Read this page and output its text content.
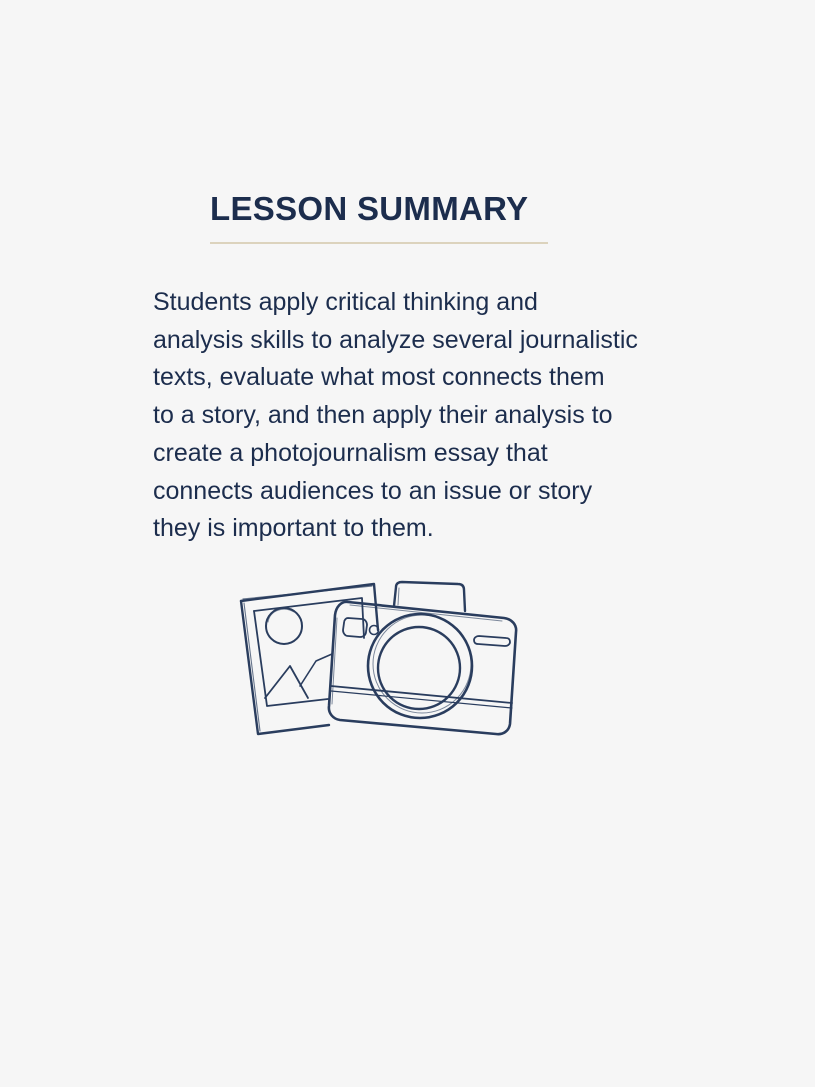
LESSON SUMMARY

Students apply critical thinking and
analysis skills to analyze several journalistic
texts, evaluate what most connects them
to a story, and then apply their analysis to
create a photojournalism essay that
connects audiences to an issue or story
they is important to them.
